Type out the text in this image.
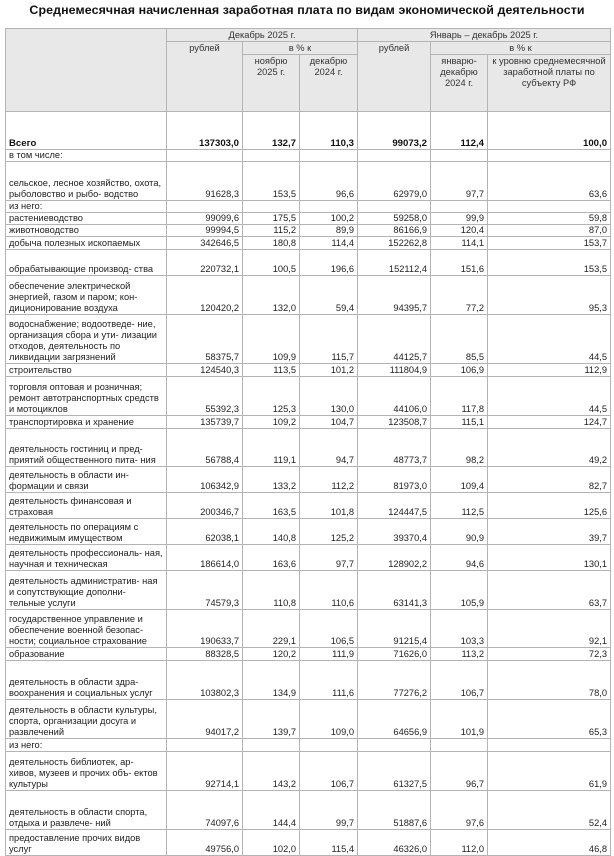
Среднемесячная начисленная заработная плата по видам экономической деятельности
	Декабрь 2025 г.			Январь – декабрь 2025 г.		
	рублей	в % к		рублей	в % к	
		ноябрю 2025 г.	декабрю 2024 г.		январю-декабрю 2024 г.	к уровню среднемесячной заработной платы по субъекту РФ
Всего	137303,0	132,7	110,3	99073,2	112,4	100,0
в том числе:						
сельское, лесное хозяйство, охота, рыболовство и рыбо- водство	91628,3	153,5	96,6	62979,0	97,7	63,6
из него:						
растениеводство	99099,6	175,5	100,2	59258,0	99,9	59,8
животноводство	99994,5	115,2	89,9	86166,9	120,4	87,0
добыча полезных ископаемых	342646,5	180,8	114,4	152262,8	114,1	153,7
обрабатывающие производ- ства	220732,1	100,5	196,6	152112,4	151,6	153,5
обеспечение электрической энергией, газом и паром; кон- диционирование воздуха	120420,2	132,0	59,4	94395,7	77,2	95,3
водоснабжение; водоотведе- ние, организация сбора и ути- лизации отходов, деятельность по ликвидации загрязнений	58375,7	109,9	115,7	44125,7	85,5	44,5
строительство	124540,3	113,5	101,2	111804,9	106,9	112,9
торговля оптовая и розничная; ремонт автотранспортных средств и мотоциклов	55392,3	125,3	130,0	44106,0	117,8	44,5
транспортировка и хранение	135739,7	109,2	104,7	123508,7	115,1	124,7
деятельность гостиниц и пред- приятий общественного пита- ния	56788,4	119,1	94,7	48773,7	98,2	49,2
деятельность в области ин- формации и связи	106342,9	133,2	112,2	81973,0	109,4	82,7
деятельность финансовая и страховая	200346,7	163,5	101,8	124447,5	112,5	125,6
деятельность по операциям с недвижимым имуществом	62038,1	140,8	125,2	39370,4	90,9	39,7
деятельность профессиональ- ная, научная и техническая	186614,0	163,6	97,7	128902,2	94,6	130,1
деятельность административ- ная и сопутствующие дополни- тельные услуги	74579,3	110,8	110,6	63141,3	105,9	63,7
государственное управление и обеспечение военной безопас- ности; социальное страхование	190633,7	229,1	106,5	91215,4	103,3	92,1
образование	88328,5	120,2	111,9	71626,0	113,2	72,3
деятельность в области здра- воохранения и социальных услуг	103802,3	134,9	111,6	77276,2	106,7	78,0
деятельность в области культуры, спорта, организации досуга и развлечений	94017,2	139,7	109,0	64656,9	101,9	65,3
из него:						
деятельность библиотек, ар- хивов, музеев и прочих объ- ектов культуры	92714,1	143,2	106,7	61327,5	96,7	61,9
деятельность в области спорта, отдыха и развлече- ний	74097,6	144,4	99,7	51887,6	97,6	52,4
предоставление прочих видов услуг	49756,0	102,0	115,4	46326,0	112,0	46,8
